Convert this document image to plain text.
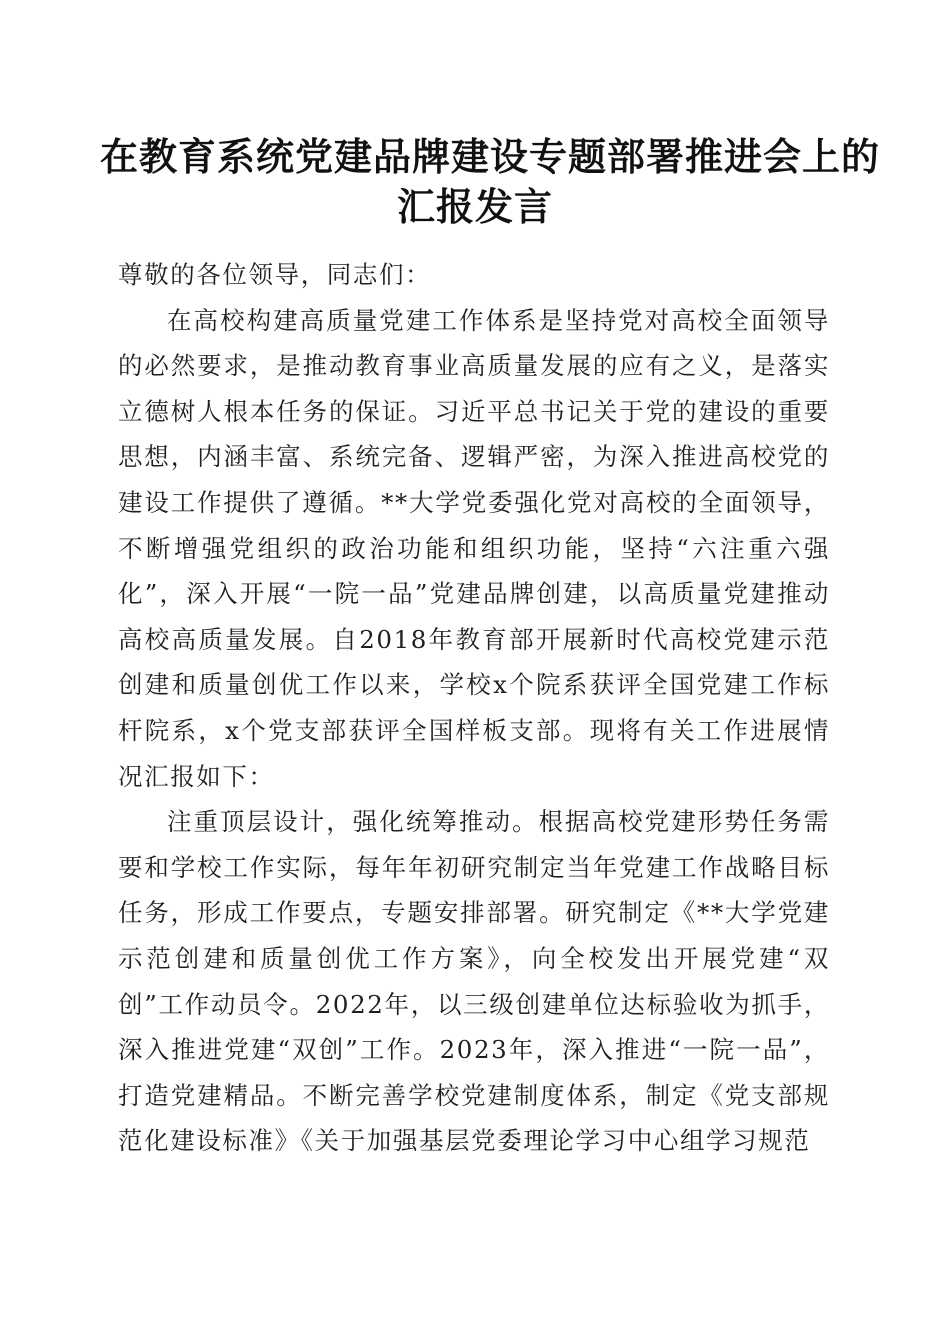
在教育系统党建品牌建设专题部署推进会上的
汇报发言

尊敬的各位领导，同志们：

在高校构建高质量党建工作体系是坚持党对高校全面领导的必然要求，是推动教育事业高质量发展的应有之义，是落实立德树人根本任务的保证。习近平总书记关于党的建设的重要思想，内涵丰富、系统完备、逻辑严密，为深入推进高校党的建设工作提供了遵循。**大学党委强化党对高校的全面领导，不断增强党组织的政治功能和组织功能，坚持“六注重六强化”，深入开展“一院一品”党建品牌创建，以高质量党建推动高校高质量发展。自2018年教育部开展新时代高校党建示范创建和质量创优工作以来，学校x个院系获评全国党建工作标杆院系，x个党支部获评全国样板支部。现将有关工作进展情况汇报如下：

注重顶层设计，强化统筹推动。根据高校党建形势任务需要和学校工作实际，每年年初研究制定当年党建工作战略目标任务，形成工作要点，专题安排部署。研究制定《**大学党建示范创建和质量创优工作方案》，向全校发出开展党建“双创”工作动员令。2022年，以三级创建单位达标验收为抓手，深入推进党建“双创”工作。2023年，深入推进“一院一品”，打造党建精品。不断完善学校党建制度体系，制定《党支部规范化建设标准》《关于加强基层党委理论学习中心组学习规范
